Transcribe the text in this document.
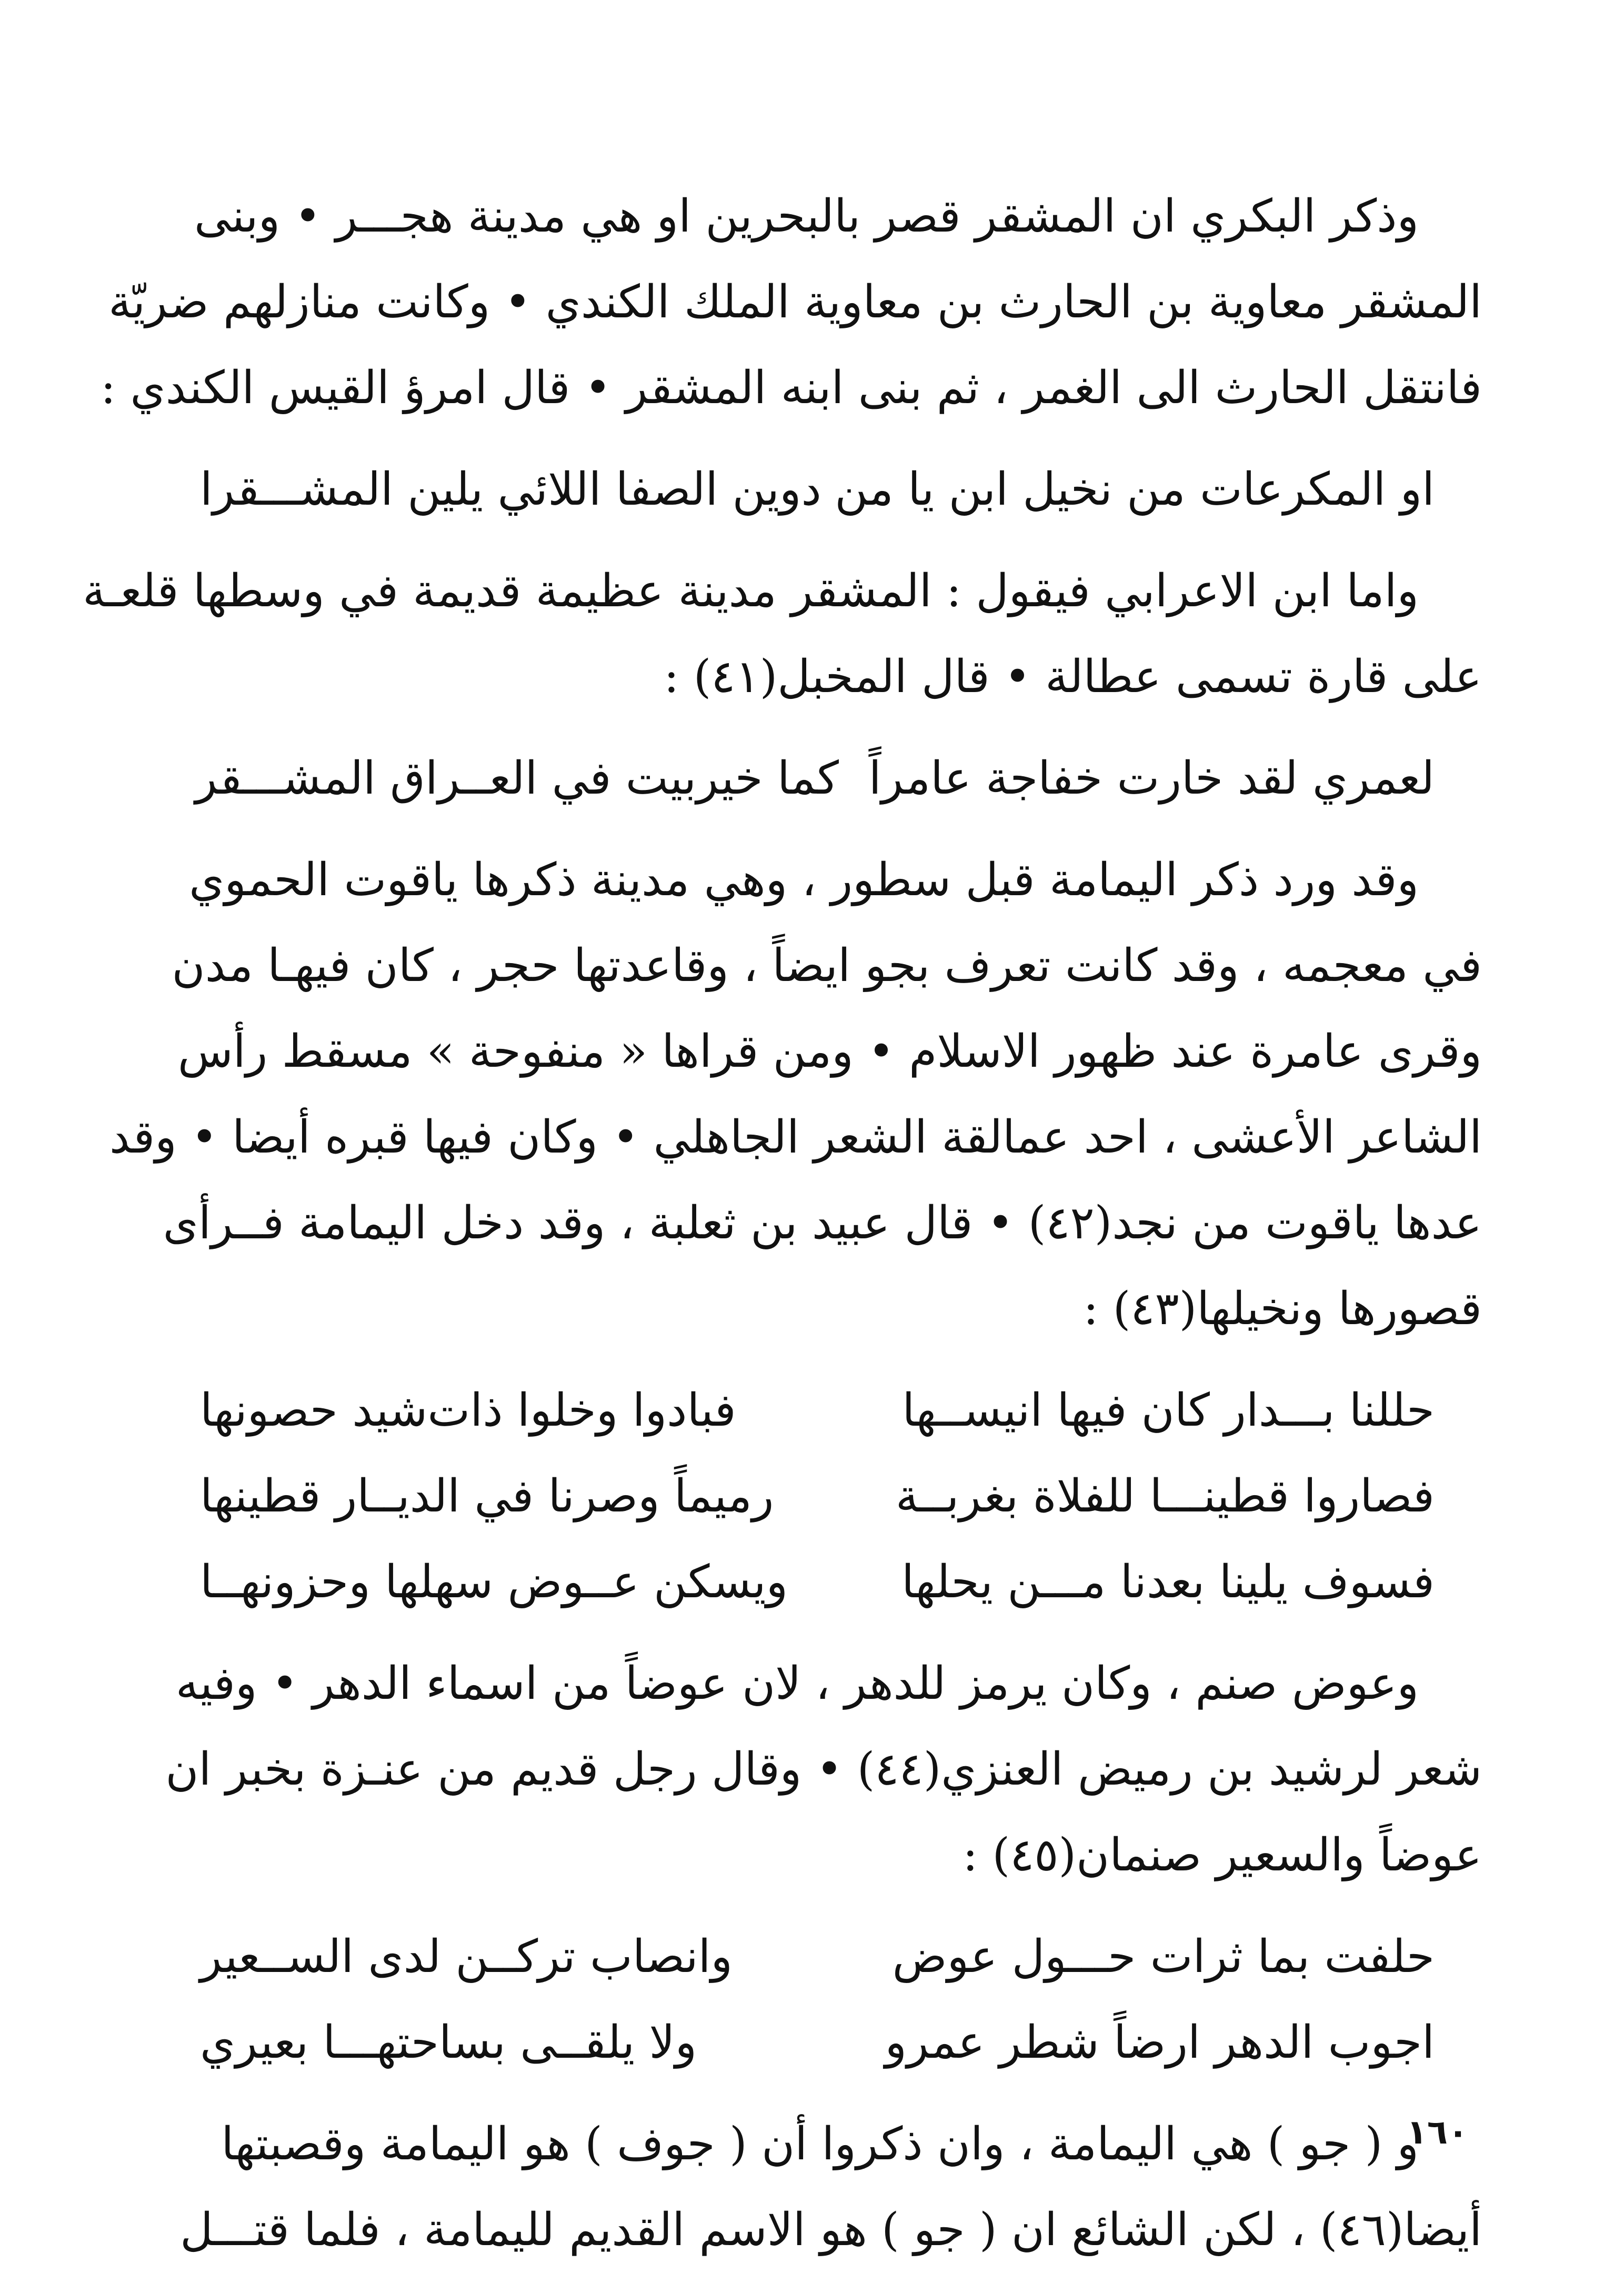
وذكر البكري ان المشقر قصر بالبحرين او هي مدينة هجـــر • وبنى
المشقر معاوية بن الحارث بن معاوية الملك الكندي • وكانت منازلهم ضريّة
فانتقل الحارث الى الغمر ، ثم بنى ابنه المشقر • قال امرؤ القيس الكندي :

او المكرعات من نخيل ابن يا من
دوين الصفا اللائي يلين المشـــقرا

واما ابن الاعرابي فيقول : المشقر مدينة عظيمة قديمة في وسطها قلعـة
على قارة تسمى عطالة • قال المخبل(٤١) :

لعمري لقد خارت خفاجة عامراً
كما خيربيت في العــراق المشـــقر

وقد ورد ذكر اليمامة قبل سطور ، وهي مدينة ذكرها ياقوت الحموي
في معجمه ، وقد كانت تعرف بجو ايضاً ، وقاعدتها حجر ، كان فيهـا مدن
وقرى عامرة عند ظهور الاسلام • ومن قراها « منفوحة » مسقط رأس
الشاعر الأعشى ، احد عمالقة الشعر الجاهلي • وكان فيها قبره أيضا • وقد
عدها ياقوت من نجد(٤٢) • قال عبيد بن ثعلبة ، وقد دخل اليمامة فــرأى
قصورها ونخيلها(٤٣) :

حللنا بـــدار كان فيها انيســها
فبادوا وخلوا ذات‌شيد حصونها
فصاروا قطينـــا للفلاة بغربــة
رميماً وصرنا في الديــار قطينها
فسوف يلينا بعدنا مـــن يحلها
ويسكن عــوض سهلها وحزونهــا

وعوض صنم ، وكان يرمز للدهر ، لان عوضاً من اسماء الدهر • وفيه
شعر لرشيد بن رميض العنزي(٤٤) • وقال رجل قديم من عنـزة بخبر ان
عوضاً والسعير صنمان(٤٥) :

حلفت بما ثرات حـــول عوض
وانصاب تركــن لدى الســعير
اجوب الدهر ارضاً شطر عمرو
ولا يلقــى بساحتهـــا بعيري

و ( جو ) هي اليمامة ، وان ذكروا أن ( جوف ) هو اليمامة وقصبتها
أيضا(٤٦) ، لكن الشائع ان ( جو ) هو الاسم القديم لليمامة ، فلما قتـــل

١٦٠
